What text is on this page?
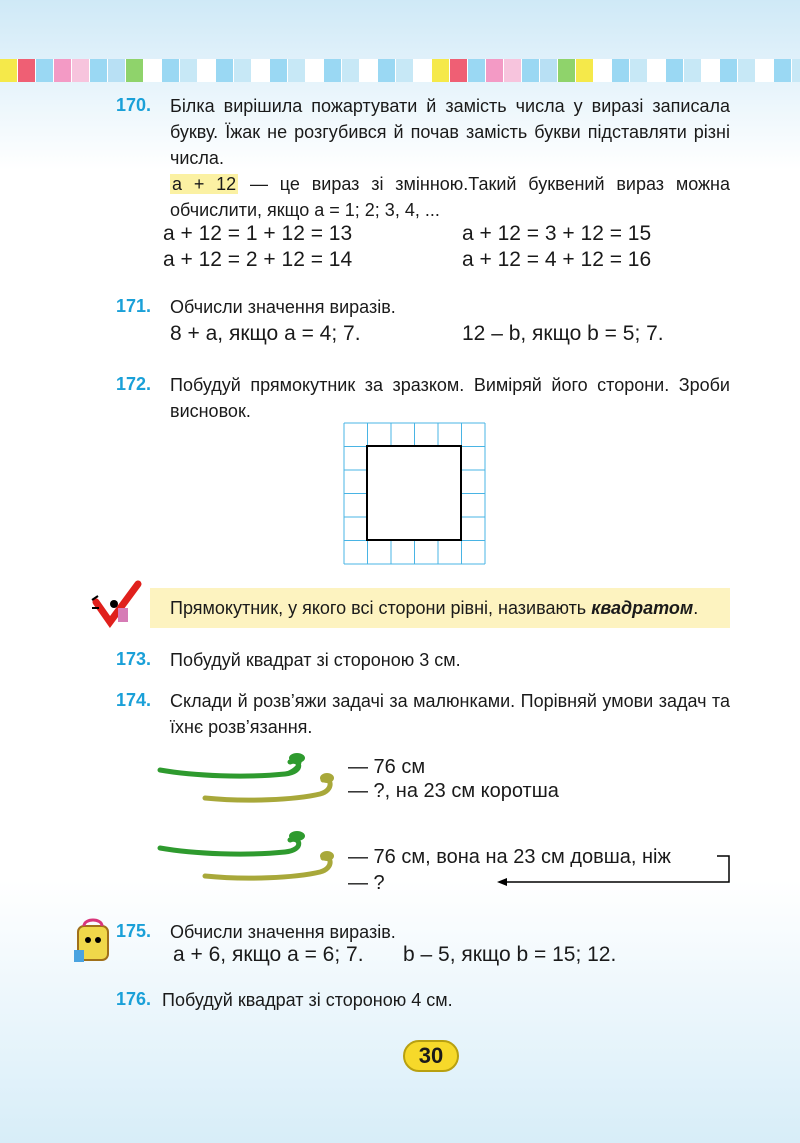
170. Білка вирішила пожартувати й замість числа у виразі записала букву. Їжак не розгубився й почав замість букви підставляти різні числа.
a + 12 — це вираз зі змінною.Такий буквений вираз можна обчислити, якщо a = 1; 2; 3, 4, ...
a + 12 = 1 + 12 = 13
a + 12 = 2 + 12 = 14
a + 12 = 3 + 12 = 15
a + 12 = 4 + 12 = 16
171. Обчисли значення виразів.
8 + a, якщо a = 4; 7.	12 – b, якщо b = 5; 7.
172. Побудуй прямокутник за зразком. Виміряй його сторони. Зроби висновок.
Прямокутник, у якого всі сторони рівні, називають квадратом.
173. Побудуй квадрат зі стороною 3 см.
174. Склади й розв’яжи задачі за малюнками. Порівняй умови задач та їхнє розв’язання.
— 76 см
— ?, на 23 см коротша
— 76 см, вона на 23 см довша, ніж
— ?
175. Обчисли значення виразів.
a + 6, якщо a = 6; 7. b – 5, якщо b = 15; 12.
176. Побудуй квадрат зі стороною 4 см.
30
